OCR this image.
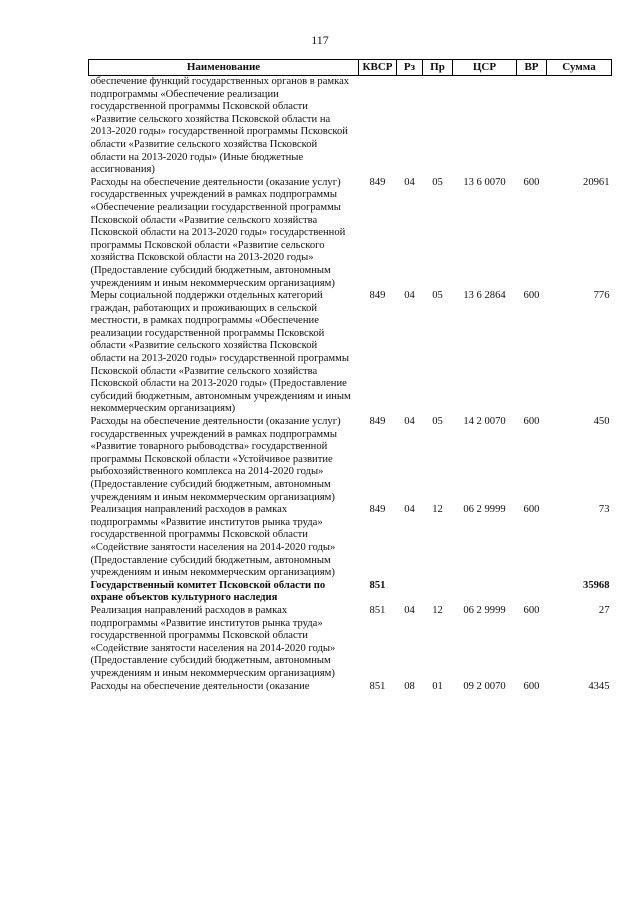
117
Наименование	КВСР	Рз	Пр	ЦСР	ВР	Сумма
обеспечение функций государственных органов в рамках подпрограммы «Обеспечение реализации государственной программы Псковской области «Развитие сельского хозяйства Псковской области на 2013-2020 годы» государственной программы Псковской области «Развитие сельского хозяйства Псковской области на 2013-2020 годы» (Иные бюджетные ассигнования)						
Расходы на обеспечение деятельности (оказание услуг) государственных учреждений в рамках подпрограммы «Обеспечение реализации государственной программы Псковской области «Развитие сельского хозяйства Псковской области на 2013-2020 годы» государственной программы Псковской области «Развитие сельского хозяйства Псковской области на 2013-2020 годы» (Предоставление субсидий бюджетным, автономным учреждениям и иным некоммерческим организациям)	849	04	05	13 6 0070	600	20961
Меры социальной поддержки отдельных категорий граждан, работающих и проживающих в сельской местности, в рамках подпрограммы «Обеспечение реализации государственной программы Псковской области «Развитие сельского хозяйства Псковской области на 2013-2020 годы» государственной программы Псковской области «Развитие сельского хозяйства Псковской области на 2013-2020 годы» (Предоставление субсидий бюджетным, автономным учреждениям и иным некоммерческим организациям)	849	04	05	13 6 2864	600	776
Расходы на обеспечение деятельности (оказание услуг) государственных учреждений в рамках подпрограммы «Развитие товарного рыбоводства» государственной программы Псковской области «Устойчивое развитие рыбохозяйственного комплекса на 2014-2020 годы» (Предоставление субсидий бюджетным, автономным учреждениям и иным некоммерческим организациям)	849	04	05	14 2 0070	600	450
Реализация направлений расходов в рамках подпрограммы «Развитие институтов рынка труда» государственной программы Псковской области «Содействие занятости населения на 2014-2020 годы» (Предоставление субсидий бюджетным, автономным учреждениям и иным некоммерческим организациям)	849	04	12	06 2 9999	600	73
Государственный комитет Псковской области по охране объектов культурного наследия	851					35968
Реализация направлений расходов в рамках подпрограммы «Развитие институтов рынка труда» государственной программы Псковской области «Содействие занятости населения на 2014-2020 годы» (Предоставление субсидий бюджетным, автономным учреждениям и иным некоммерческим организациям)	851	04	12	06 2 9999	600	27
Расходы на обеспечение деятельности (оказание	851	08	01	09 2 0070	600	4345
